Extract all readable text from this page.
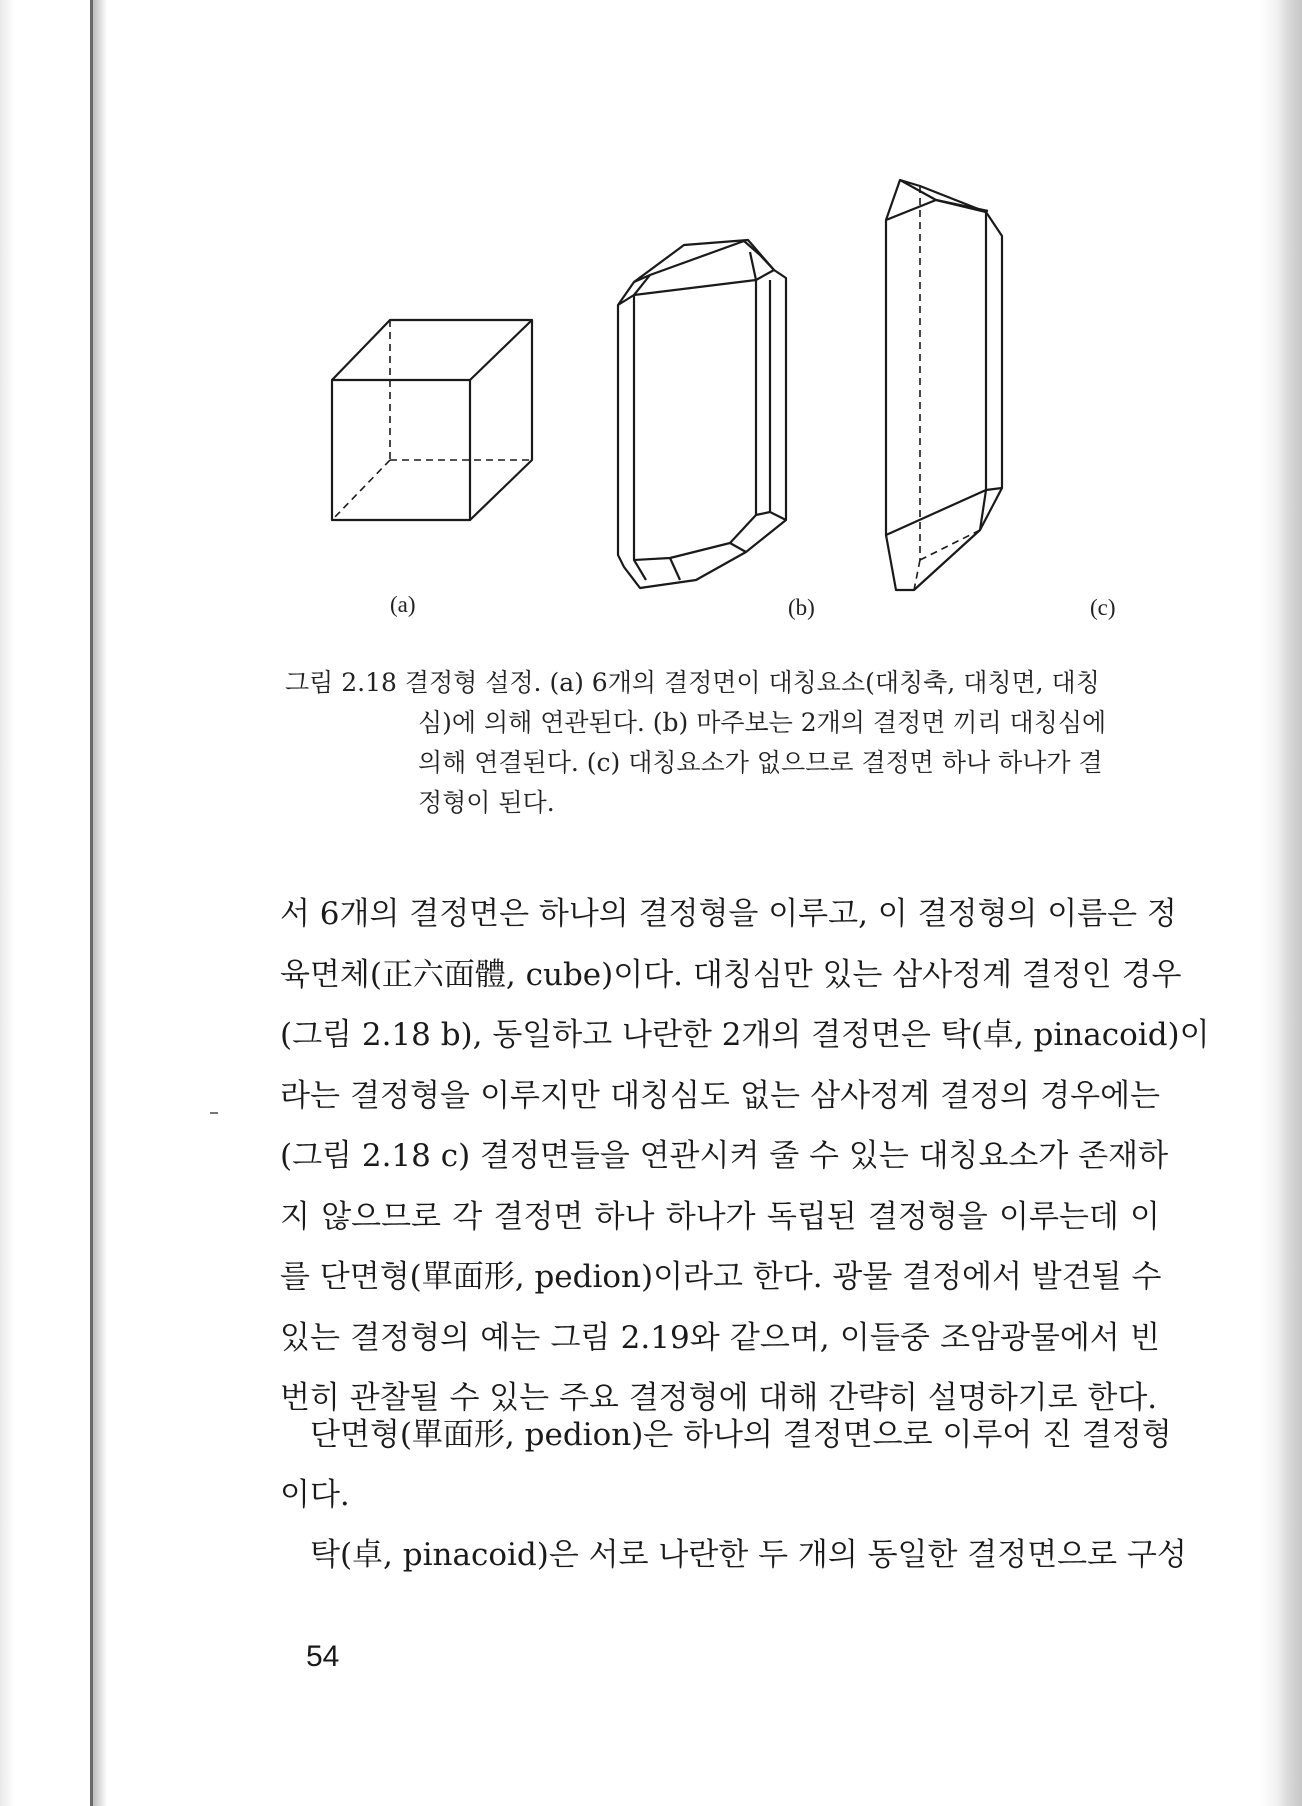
(a)	(b)	(c)
그림 2.18 결정형 설정. (a) 6개의 결정면이 대칭요소(대칭축, 대칭면, 대칭
심)에 의해 연관된다. (b) 마주보는 2개의 결정면 끼리 대칭심에
의해 연결된다. (c) 대칭요소가 없으므로 결정면 하나 하나가 결
정형이 된다.
서 6개의 결정면은 하나의 결정형을 이루고, 이 결정형의 이름은 정
육면체(正六面體, cube)이다. 대칭심만 있는 삼사정계 결정인 경우
(그림 2.18 b), 동일하고 나란한 2개의 결정면은 탁(卓, pinacoid)이
라는 결정형을 이루지만 대칭심도 없는 삼사정계 결정의 경우에는
(그림 2.18 c) 결정면들을 연관시켜 줄 수 있는 대칭요소가 존재하
지 않으므로 각 결정면 하나 하나가 독립된 결정형을 이루는데 이
를 단면형(單面形, pedion)이라고 한다. 광물 결정에서 발견될 수
있는 결정형의 예는 그림 2.19와 같으며, 이들중 조암광물에서 빈
번히 관찰될 수 있는 주요 결정형에 대해 간략히 설명하기로 한다.
단면형(單面形, pedion)은 하나의 결정면으로 이루어 진 결정형
이다.
탁(卓, pinacoid)은 서로 나란한 두 개의 동일한 결정면으로 구성
54
